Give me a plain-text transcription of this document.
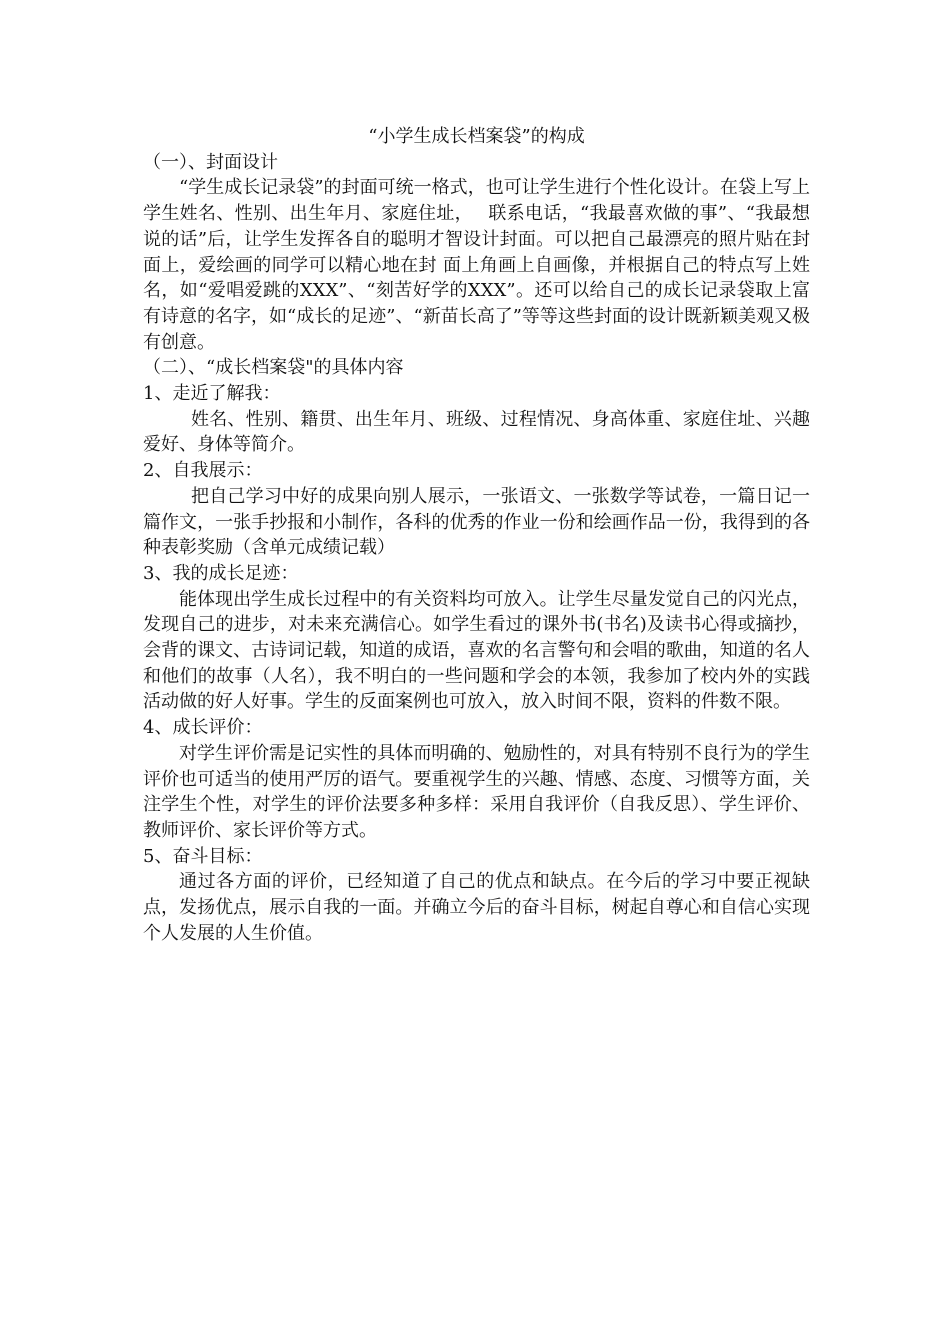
“小学生成长档案袋”的构成

（一）、封面设计

“学生成长记录袋”的封面可统一格式，也可让学生进行个性化设计。在袋上写上学生姓名、性别、出生年月、家庭住址，　 联系电话，“我最喜欢做的事”、“我最想说的话”后，让学生发挥各自的聪明才智设计封面。可以把自己最漂亮的照片贴在封面上，爱绘画的同学可以精心地在封 面上角画上自画像，并根据自己的特点写上姓名，如“爱唱爱跳的XXX”、“刻苦好学的XXX”。还可以给自己的成长记录袋取上富有诗意的名字，如“成长的足迹”、“新苗长高了”等等这些封面的设计既新颖美观又极有创意。

（二）、“成长档案袋"的具体内容

1、走近了解我：

姓名、性别、籍贯、出生年月、班级、过程情况、身高体重、家庭住址、兴趣爱好、身体等简介。

2、自我展示：

把自己学习中好的成果向别人展示，一张语文、一张数学等试卷，一篇日记一篇作文，一张手抄报和小制作，各科的优秀的作业一份和绘画作品一份，我得到的各种表彰奖励（含单元成绩记载）

3、我的成长足迹：

能体现出学生成长过程中的有关资料均可放入。让学生尽量发觉自己的闪光点，发现自己的进步，对未来充满信心。如学生看过的课外书(书名)及读书心得或摘抄，会背的课文、古诗词记载，知道的成语，喜欢的名言警句和会唱的歌曲，知道的名人和他们的故事（人名），我不明白的一些问题和学会的本领，我参加了校内外的实践活动做的好人好事。学生的反面案例也可放入，放入时间不限，资料的件数不限。

4、成长评价：

对学生评价需是记实性的具体而明确的、勉励性的，对具有特别不良行为的学生评价也可适当的使用严厉的语气。要重视学生的兴趣、情感、态度、习惯等方面，关注学生个性，对学生的评价法要多种多样：采用自我评价（自我反思）、学生评价、教师评价、家长评价等方式。

5、奋斗目标：

通过各方面的评价，已经知道了自己的优点和缺点。在今后的学习中要正视缺点，发扬优点，展示自我的一面。并确立今后的奋斗目标，树起自尊心和自信心实现个人发展的人生价值。
